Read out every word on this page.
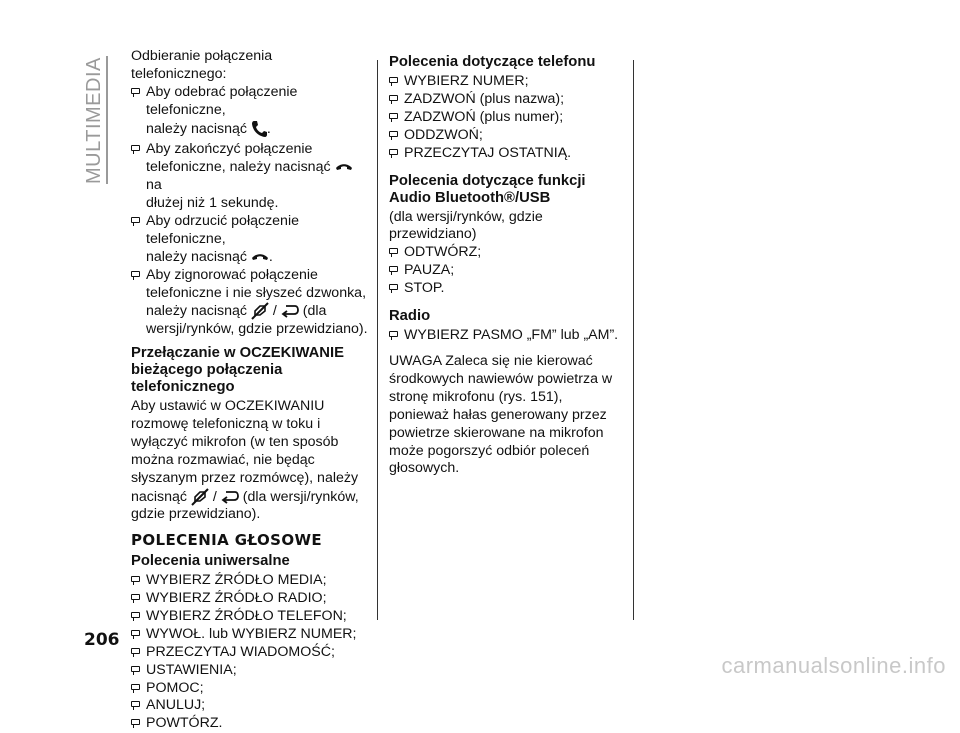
MULTIMEDIA

Odbieranie połączenia telefonicznego:

Aby odebrać połączenie telefoniczne,
należy nacisnąć .

Aby zakończyć połączenie
telefoniczne, należy nacisnąć  na
dłużej niż 1 sekundę.

Aby odrzucić połączenie telefoniczne,
należy nacisnąć .

Aby zignorować połączenie
telefoniczne i nie słyszeć dzwonka,
należy nacisnąć / (dla
wersji/rynków, gdzie przewidziano).

Przełączanie w OCZEKIWANIE bieżącego połączenia telefonicznego

Aby ustawić w OCZEKIWANIU rozmowę telefoniczną w toku i wyłączyć mikrofon (w ten sposób można rozmawiać, nie będąc słyszanym przez rozmówcę), należy
nacisnąć / (dla wersji/rynków,
gdzie przewidziano).

POLECENIA GŁOSOWE
Polecenia uniwersalne

WYBIERZ ŹRÓDŁO MEDIA;

WYBIERZ ŹRÓDŁO RADIO;

WYBIERZ ŹRÓDŁO TELEFON;

WYWOŁ. lub WYBIERZ NUMER;

PRZECZYTAJ WIADOMOŚĆ;

USTAWIENIA;

POMOC;

ANULUJ;

POWTÓRZ.

Polecenia dotyczące telefonu

WYBIERZ NUMER;

ZADZWOŃ (plus nazwa);

ZADZWOŃ (plus numer);

ODDZWOŃ;

PRZECZYTAJ OSTATNIĄ.

Polecenia dotyczące funkcji Audio Bluetooth®/USB

(dla wersji/rynków, gdzie przewidziano)

ODTWÓRZ;

PAUZA;

STOP.

Radio

WYBIERZ PASMO „FM” lub „AM”.

UWAGA Zaleca się nie kierować środkowych nawiewów powietrza w stronę mikrofonu (rys. 151), ponieważ hałas generowany przez powietrze skierowane na mikrofon może pogorszyć odbiór poleceń głosowych.

206
carmanualsonline.info
